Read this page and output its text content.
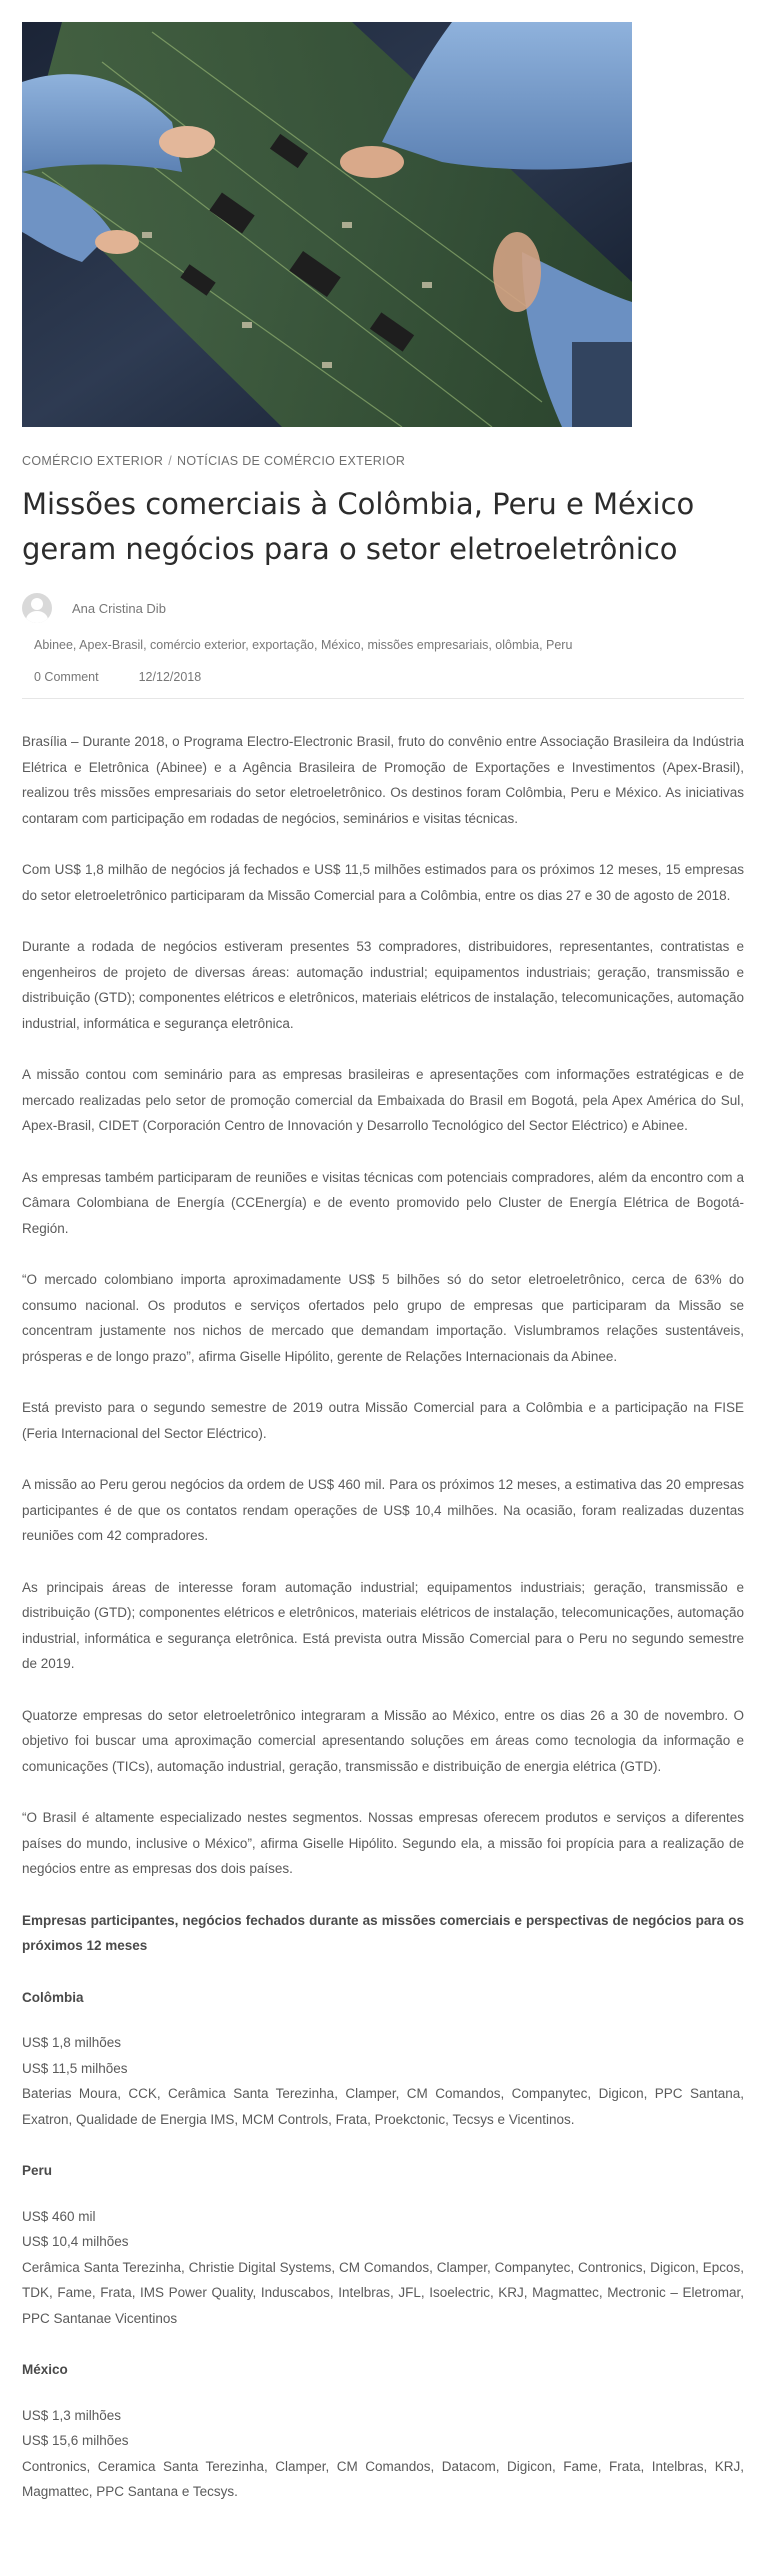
COMÉRCIO EXTERIOR / NOTÍCIAS DE COMÉRCIO EXTERIOR
Missões comerciais à Colômbia, Peru e México geram negócios para o setor eletroeletrônico
Ana Cristina Dib
Abinee, Apex-Brasil, comércio exterior, exportação, México, missões empresariais, olômbia, Peru
0 Comment	12/12/2018

Brasília – Durante 2018, o Programa Electro-Electronic Brasil, fruto do convênio entre Associação Brasileira da Indústria Elétrica e Eletrônica (Abinee) e a Agência Brasileira de Promoção de Exportações e Investimentos (Apex-Brasil), realizou três missões empresariais do setor eletroeletrônico. Os destinos foram Colômbia, Peru e México. As iniciativas contaram com participação em rodadas de negócios, seminários e visitas técnicas.

Com US$ 1,8 milhão de negócios já fechados e US$ 11,5 milhões estimados para os próximos 12 meses, 15 empresas do setor eletroeletrônico participaram da Missão Comercial para a Colômbia, entre os dias 27 e 30 de agosto de 2018.

Durante a rodada de negócios estiveram presentes 53 compradores, distribuidores, representantes, contratistas e engenheiros de projeto de diversas áreas: automação industrial; equipamentos industriais; geração, transmissão e distribuição (GTD); componentes elétricos e eletrônicos, materiais elétricos de instalação, telecomunicações, automação industrial, informática e segurança eletrônica.

A missão contou com seminário para as empresas brasileiras e apresentações com informações estratégicas e de mercado realizadas pelo setor de promoção comercial da Embaixada do Brasil em Bogotá, pela Apex América do Sul, Apex-Brasil, CIDET (Corporación Centro de Innovación y Desarrollo Tecnológico del Sector Eléctrico) e Abinee.

As empresas também participaram de reuniões e visitas técnicas com potenciais compradores, além da encontro com a Câmara Colombiana de Energía (CCEnergía) e de evento promovido pelo Cluster de Energía Elétrica de Bogotá-Región.

“O mercado colombiano importa aproximadamente US$ 5 bilhões só do setor eletroeletrônico, cerca de 63% do consumo nacional. Os produtos e serviços ofertados pelo grupo de empresas que participaram da Missão se concentram justamente nos nichos de mercado que demandam importação. Vislumbramos relações sustentáveis, prósperas e de longo prazo”, afirma Giselle Hipólito, gerente de Relações Internacionais da Abinee.

Está previsto para o segundo semestre de 2019 outra Missão Comercial para a Colômbia e a participação na FISE (Feria Internacional del Sector Eléctrico).

A missão ao Peru gerou negócios da ordem de US$ 460 mil. Para os próximos 12 meses, a estimativa das 20 empresas participantes é de que os contatos rendam operações de US$ 10,4 milhões. Na ocasião, foram realizadas duzentas reuniões com 42 compradores.

As principais áreas de interesse foram automação industrial; equipamentos industriais; geração, transmissão e distribuição (GTD); componentes elétricos e eletrônicos, materiais elétricos de instalação, telecomunicações, automação industrial, informática e segurança eletrônica. Está prevista outra Missão Comercial para o Peru no segundo semestre de 2019.

Quatorze empresas do setor eletroeletrônico integraram a Missão ao México, entre os dias 26 a 30 de novembro. O objetivo foi buscar uma aproximação comercial apresentando soluções em áreas como tecnologia da informação e comunicações (TICs), automação industrial, geração, transmissão e distribuição de energia elétrica (GTD).

“O Brasil é altamente especializado nestes segmentos. Nossas empresas oferecem produtos e serviços a diferentes países do mundo, inclusive o México”, afirma Giselle Hipólito. Segundo ela, a missão foi propícia para a realização de negócios entre as empresas dos dois países.

Empresas participantes, negócios fechados durante as missões comerciais e perspectivas de negócios para os próximos 12 meses
Colômbia
US$ 1,8 milhões
US$ 11,5 milhões
Baterias Moura, CCK, Cerâmica Santa Terezinha, Clamper, CM Comandos, Companytec, Digicon, PPC Santana, Exatron, Qualidade de Energia IMS, MCM Controls, Frata, Proekctonic, Tecsys e Vicentinos.
Peru
US$ 460 mil
US$ 10,4 milhões
Cerâmica Santa Terezinha, Christie Digital Systems, CM Comandos, Clamper, Companytec, Contronics, Digicon, Epcos, TDK, Fame, Frata, IMS Power Quality, Induscabos, Intelbras, JFL, Isoelectric, KRJ, Magmattec, Mectronic – Eletromar, PPC Santanae Vicentinos
México
US$ 1,3 milhões
US$ 15,6 milhões
Contronics, Ceramica Santa Terezinha, Clamper, CM Comandos, Datacom, Digicon, Fame, Frata, Intelbras, KRJ, Magmattec, PPC Santana e Tecsys.
